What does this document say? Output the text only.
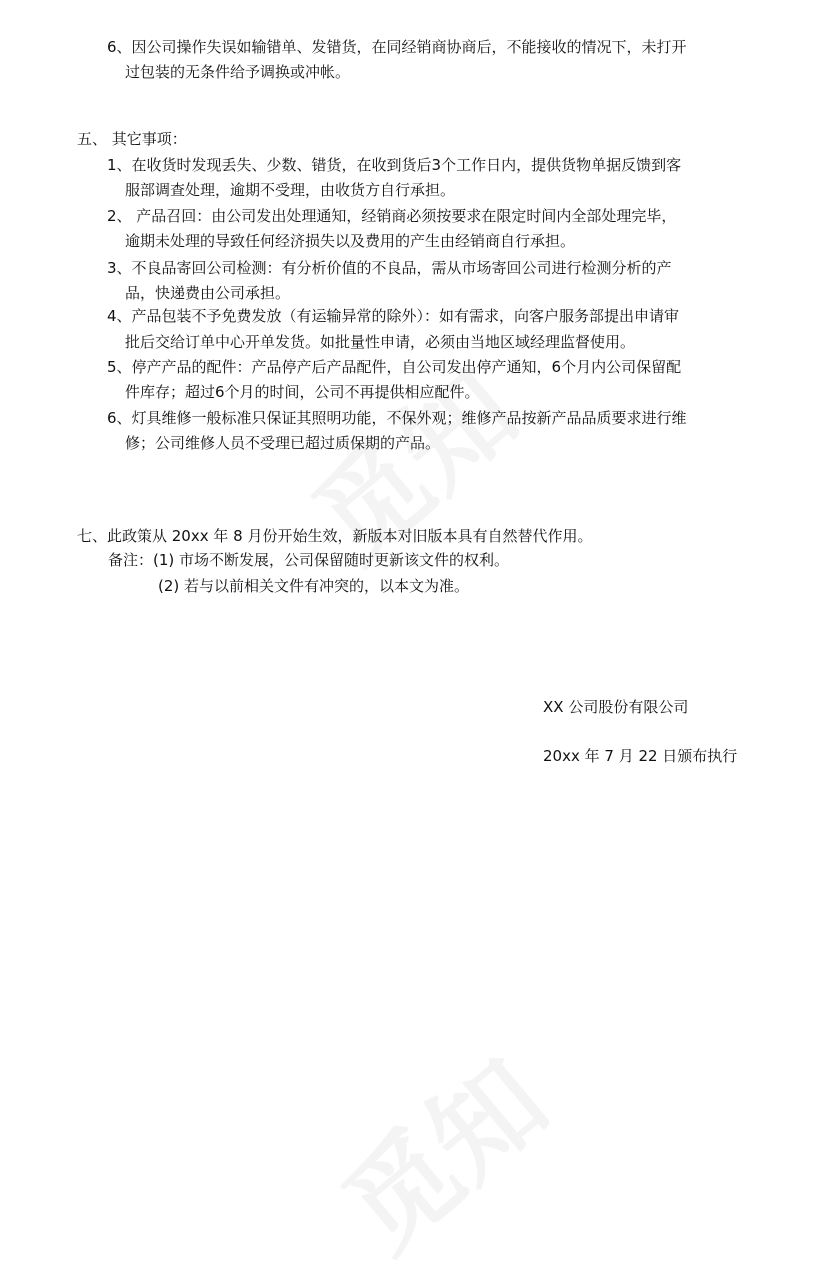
6、因公司操作失误如输错单、发错货，在同经销商协商后，不能接收的情况下，未打开
过包装的无条件给予调换或冲帐。
五、 其它事项：
1、在收货时发现丢失、少数、错货，在收到货后3个工作日内，提供货物单据反馈到客
服部调查处理，逾期不受理，由收货方自行承担。
2、 产品召回：由公司发出处理通知，经销商必须按要求在限定时间内全部处理完毕，
逾期未处理的导致任何经济损失以及费用的产生由经销商自行承担。
3、不良品寄回公司检测：有分析价值的不良品，需从市场寄回公司进行检测分析的产
品，快递费由公司承担。
4、产品包装不予免费发放（有运输异常的除外）：如有需求，向客户服务部提出申请审
批后交给订单中心开单发货。如批量性申请，必须由当地区域经理监督使用。
5、停产产品的配件：产品停产后产品配件，自公司发出停产通知，6个月内公司保留配
件库存；超过6个月的时间，公司不再提供相应配件。
6、灯具维修一般标准只保证其照明功能，不保外观；维修产品按新产品品质要求进行维
修；公司维修人员不受理已超过质保期的产品。
七、此政策从 20xx 年 8 月份开始生效，新版本对旧版本具有自然替代作用。
备注：(1) 市场不断发展，公司保留随时更新该文件的权利。
(2) 若与以前相关文件有冲突的，以本文为准。
XX 公司股份有限公司
20xx 年 7 月 22 日颁布执行
